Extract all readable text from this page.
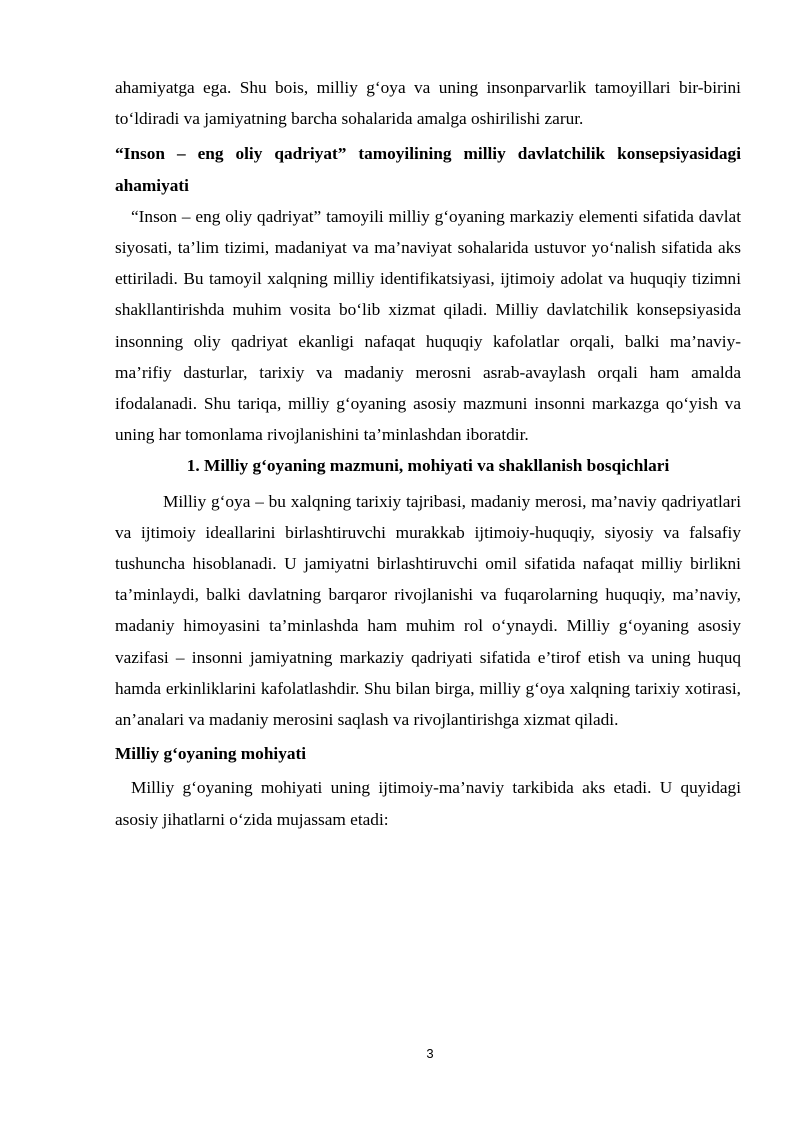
ahamiyatga ega. Shu bois, milliy g‘oya va uning insonparvarlik tamoyillari bir-birini to‘ldiradi va jamiyatning barcha sohalarida amalga oshirilishi zarur.

“Inson – eng oliy qadriyat” tamoyilining milliy davlatchilik konsepsiyasidagi ahamiyati

“Inson – eng oliy qadriyat” tamoyili milliy g‘oyaning markaziy elementi sifatida davlat siyosati, ta’lim tizimi, madaniyat va ma’naviyat sohalarida ustuvor yo‘nalish sifatida aks ettiriladi. Bu tamoyil xalqning milliy identifikatsiyasi, ijtimoiy adolat va huquqiy tizimni shakllantirishda muhim vosita bo‘lib xizmat qiladi. Milliy davlatchilik konsepsiyasida insonning oliy qadriyat ekanligi nafaqat huquqiy kafolatlar orqali, balki ma’naviy-ma’rifiy dasturlar, tarixiy va madaniy merosni asrab-avaylash orqali ham amalda ifodalanadi. Shu tariqa, milliy g‘oyaning asosiy mazmuni insonni markazga qo‘yish va uning har tomonlama rivojlanishini ta’minlashdan iboratdir.

1. Milliy g‘oyaning mazmuni, mohiyati va shakllanish bosqichlari

Milliy g‘oya – bu xalqning tarixiy tajribasi, madaniy merosi, ma’naviy qadriyatlari va ijtimoiy ideallarini birlashtiruvchi murakkab ijtimoiy-huquqiy, siyosiy va falsafiy tushuncha hisoblanadi. U jamiyatni birlashtiruvchi omil sifatida nafaqat milliy birlikni ta’minlaydi, balki davlatning barqaror rivojlanishi va fuqarolarning huquqiy, ma’naviy, madaniy himoyasini ta’minlashda ham muhim rol o‘ynaydi. Milliy g‘oyaning asosiy vazifasi – insonni jamiyatning markaziy qadriyati sifatida e’tirof etish va uning huquq hamda erkinliklarini kafolatlashdir. Shu bilan birga, milliy g‘oya xalqning tarixiy xotirasi, an’analari va madaniy merosini saqlash va rivojlantirishga xizmat qiladi.

Milliy g‘oyaning mohiyati

Milliy g‘oyaning mohiyati uning ijtimoiy-ma’naviy tarkibida aks etadi. U quyidagi asosiy jihatlarni o‘zida mujassam etadi:

3
